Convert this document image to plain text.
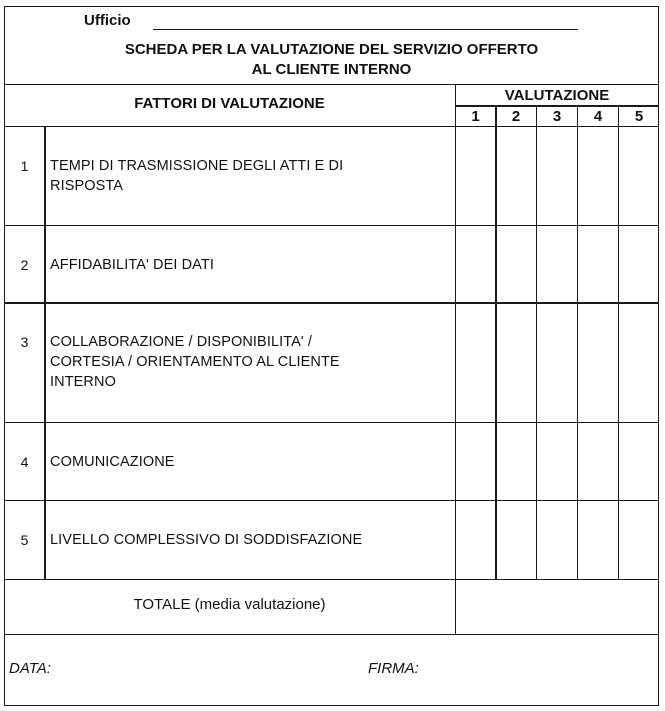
Ufficio
SCHEDA PER LA VALUTAZIONE DEL SERVIZIO OFFERTO
AL CLIENTE INTERNO
FATTORI DI VALUTAZIONE	VALUTAZIONE
1	2	3	4	5
1	TEMPI DI TRASMISSIONE DEGLI ATTI E DI
RISPOSTA
2	AFFIDABILITA' DEI DATI
3	COLLABORAZIONE / DISPONIBILITA' /
CORTESIA / ORIENTAMENTO AL CLIENTE
INTERNO
4	COMUNICAZIONE
5	LIVELLO COMPLESSIVO DI SODDISFAZIONE
TOTALE (media valutazione)
DATA:	FIRMA:
